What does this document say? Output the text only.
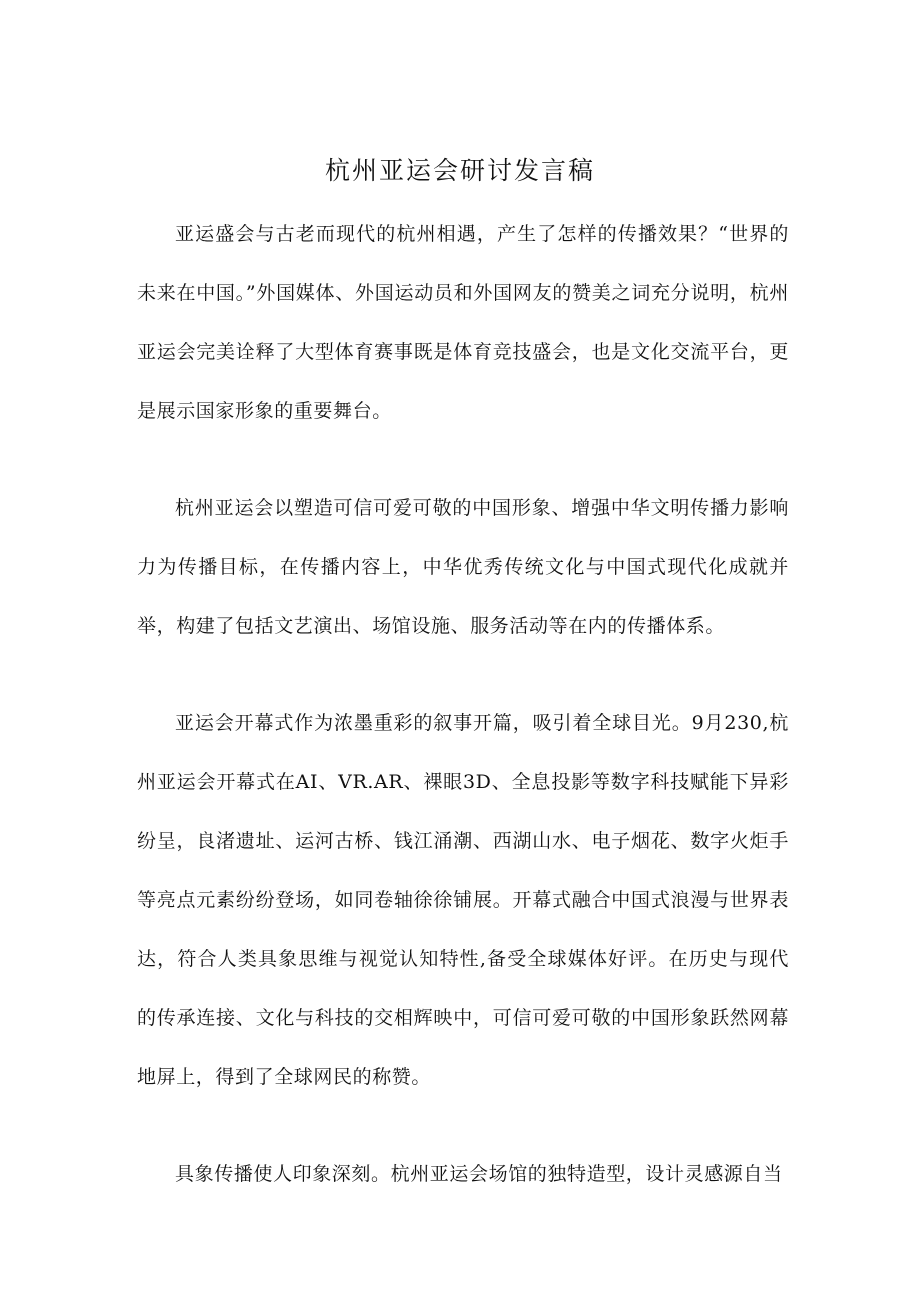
杭州亚运会研讨发言稿

亚运盛会与古老而现代的杭州相遇，产生了怎样的传播效果？“世界的未来在中国。”外国媒体、外国运动员和外国网友的赞美之词充分说明，杭州亚运会完美诠释了大型体育赛事既是体育竞技盛会，也是文化交流平台，更是展示国家形象的重要舞台。

杭州亚运会以塑造可信可爱可敬的中国形象、增强中华文明传播力影响力为传播目标，在传播内容上，中华优秀传统文化与中国式现代化成就并举，构建了包括文艺演出、场馆设施、服务活动等在内的传播体系。

亚运会开幕式作为浓墨重彩的叙事开篇，吸引着全球目光。9月230,杭州亚运会开幕式在AI、VR.AR、裸眼3D、全息投影等数字科技赋能下异彩纷呈，良渚遗址、运河古桥、钱江涌潮、西湖山水、电子烟花、数字火炬手等亮点元素纷纷登场，如同卷轴徐徐铺展。开幕式融合中国式浪漫与世界表达，符合人类具象思维与视觉认知特性,备受全球媒体好评。在历史与现代的传承连接、文化与科技的交相辉映中，可信可爱可敬的中国形象跃然网幕地屏上，得到了全球网民的称赞。

具象传播使人印象深刻。杭州亚运会场馆的独特造型，设计灵感源自当
